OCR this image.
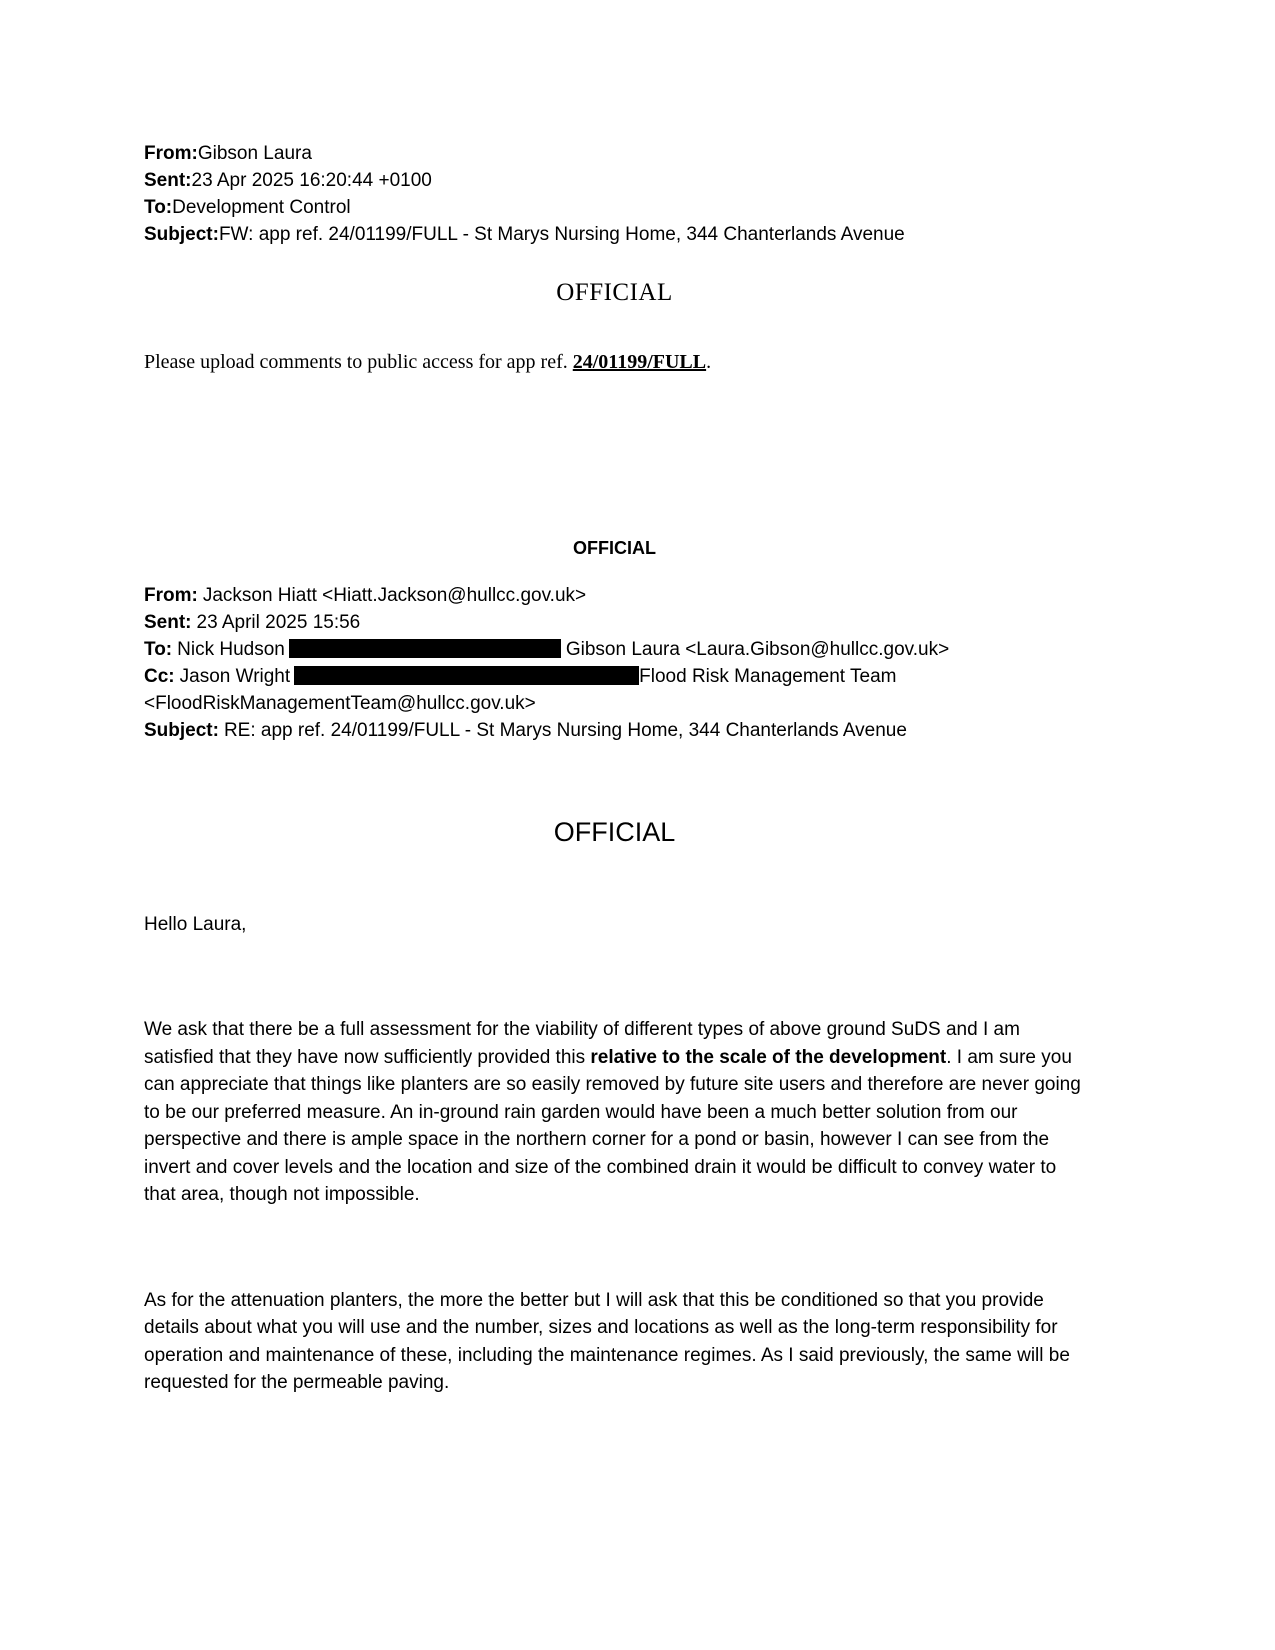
From:Gibson Laura
Sent:23 Apr 2025 16:20:44 +0100
To:Development Control
Subject:FW: app ref. 24/01199/FULL - St Marys Nursing Home, 344 Chanterlands Avenue
OFFICIAL

Please upload comments to public access for app ref. 24/01199/FULL.

OFFICIAL
From: Jackson Hiatt <Hiatt.Jackson@hullcc.gov.uk>
Sent: 23 April 2025 15:56
To: Nick Hudson	Gibson Laura <Laura.Gibson@hullcc.gov.uk>
Cc: Jason Wright	Flood Risk Management Team
<FloodRiskManagementTeam@hullcc.gov.uk>
Subject: RE: app ref. 24/01199/FULL - St Marys Nursing Home, 344 Chanterlands Avenue
OFFICIAL

Hello Laura,

We ask that there be a full assessment for the viability of different types of above ground SuDS and I am satisfied that they have now sufficiently provided this relative to the scale of the development. I am sure you can appreciate that things like planters are so easily removed by future site users and therefore are never going to be our preferred measure. An in-ground rain garden would have been a much better solution from our perspective and there is ample space in the northern corner for a pond or basin, however I can see from the invert and cover levels and the location and size of the combined drain it would be difficult to convey water to that area, though not impossible.

As for the attenuation planters, the more the better but I will ask that this be conditioned so that you provide details about what you will use and the number, sizes and locations as well as the long-term responsibility for operation and maintenance of these, including the maintenance regimes. As I said previously, the same will be requested for the permeable paving.
